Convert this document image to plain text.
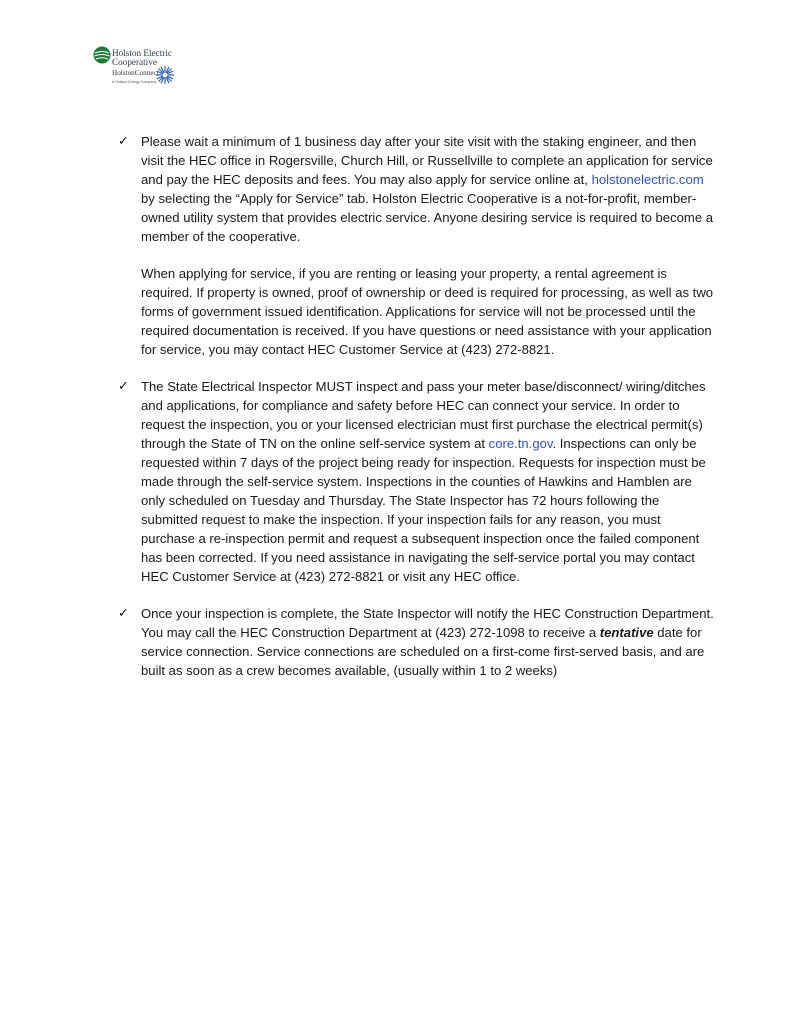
Holston Electric
Cooperative
HolstonConnect
A Holston Energy Company
✓ Please wait a minimum of 1 business day after your site visit with the staking engineer, and then visit the HEC office in Rogersville, Church Hill, or Russellville to complete an application for service and pay the HEC deposits and fees. You may also apply for service online at, holstonelectric.com by selecting the “Apply for Service” tab. Holston Electric Cooperative is a not-for-profit, member-owned utility system that provides electric service. Anyone desiring service is required to become a member of the cooperative.

When applying for service, if you are renting or leasing your property, a rental agreement is required. If property is owned, proof of ownership or deed is required for processing, as well as two forms of government issued identification. Applications for service will not be processed until the required documentation is received. If you have questions or need assistance with your application for service, you may contact HEC Customer Service at (423) 272-8821.

✓ The State Electrical Inspector MUST inspect and pass your meter base/disconnect/ wiring/ditches and applications, for compliance and safety before HEC can connect your service. In order to request the inspection, you or your licensed electrician must first purchase the electrical permit(s) through the State of TN on the online self-service system at core.tn.gov. Inspections can only be requested within 7 days of the project being ready for inspection. Requests for inspection must be made through the self-service system. Inspections in the counties of Hawkins and Hamblen are only scheduled on Tuesday and Thursday. The State Inspector has 72 hours following the submitted request to make the inspection. If your inspection fails for any reason, you must purchase a re-inspection permit and request a subsequent inspection once the failed component has been corrected. If you need assistance in navigating the self-service portal you may contact HEC Customer Service at (423) 272-8821 or visit any HEC office.

✓ Once your inspection is complete, the State Inspector will notify the HEC Construction Department. You may call the HEC Construction Department at (423) 272-1098 to receive a tentative date for service connection. Service connections are scheduled on a first-come first-served basis, and are built as soon as a crew becomes available, (usually within 1 to 2 weeks)
